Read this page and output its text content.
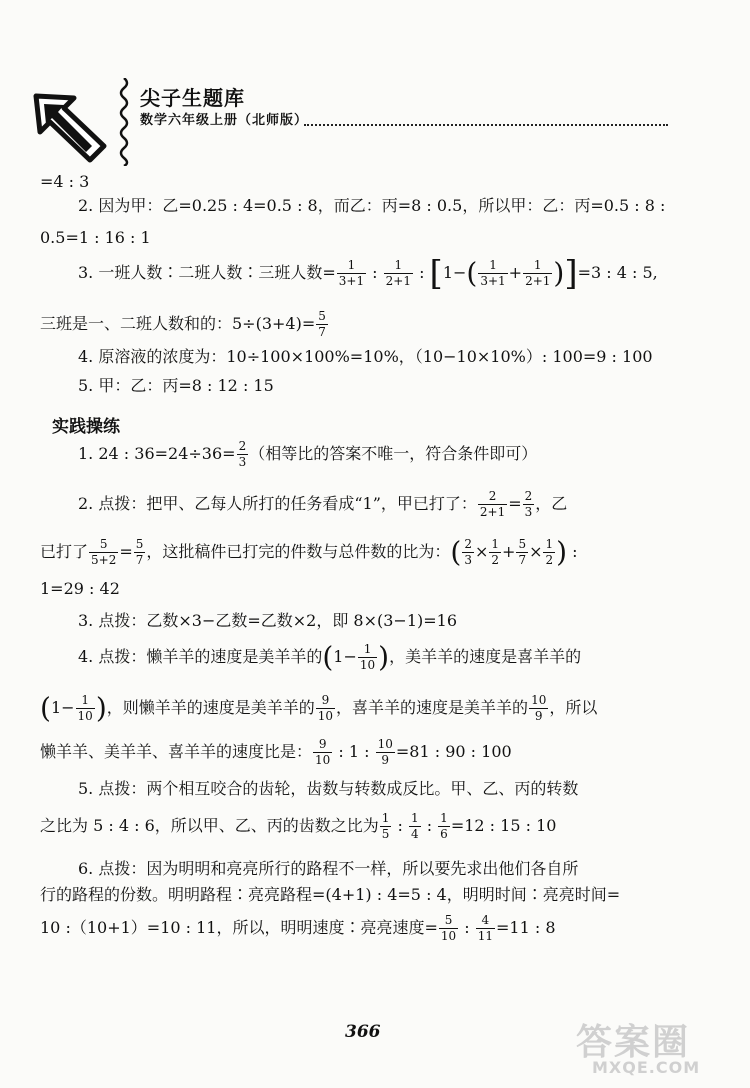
尖子生题库
数学六年级上册（北师版）
=4 : 3
2. 因为甲：乙=0.25 : 4=0.5 : 8，而乙：丙=8 : 0.5，所以甲：乙：丙=0.5 : 8 :
0.5=1 : 16 : 1
3. 一班人数∶二班人数∶三班人数= $\frac{1}{3+1}$ : $\frac{1}{2+1}$ : $[1-( \frac{1}{3+1} + \frac{1}{2+1} )]=3$ : 4 : 5,
三班是一、二班人数和的：$5\div(3+4)= \frac{5}{7}$
4. 原溶液的浓度为：10÷100×100%=10%，（10−10×10%）: 100=9 : 100
5. 甲：乙：丙=8 : 12 : 15
实践操练
1. 24 : $36=24\div 36= \frac{2}{3}$ （相等比的答案不唯一，符合条件即可）
2. 点拨：把甲、乙每人所打的任务看成“1”，甲已打了： $\frac{2}{2+1} = \frac{2}{3}$ ，乙
已打了 $\frac{5}{5+2} = \frac{5}{7}$ ，这批稿件已打完的件数与总件数的比为：( $\frac{2}{3} \times \frac{1}{2} + \frac{5}{7} \times \frac{1}{2}$ ) :
1=29 : 42
3. 点拨：乙数×3−乙数=乙数×2，即 8×(3−1)=16
4. 点拨：懒羊羊的速度是美羊羊的($1- \frac{1}{10}$ )，美羊羊的速度是喜羊羊的
($1- \frac{1}{10}$ )，则懒羊羊的速度是美羊羊的 $\frac{9}{10}$ ，喜羊羊的速度是美羊羊的 $\frac{10}{9}$ ，所以
懒羊羊、美羊羊、喜羊羊的速度比是： $\frac{9}{10}$ : 1 : $\frac{10}{9} =81$ : 90 : 100
5. 点拨：两个相互咬合的齿轮，齿数与转数成反比。甲、乙、丙的转数
之比为 5 : 4 : 6，所以甲、乙、丙的齿数之比为 $\frac{1}{5}$ : $\frac{1}{4}$ : $\frac{1}{6} =12$ : 15 : 10
6. 点拨：因为明明和亮亮所行的路程不一样，所以要先求出他们各自所
行的路程的份数。明明路程∶亮亮路程=(4+1) : 4=5 : 4，明明时间∶亮亮时间=
10 :（10+1）=10 : 11，所以，明明速度∶亮亮速度= $\frac{5}{10}$ : $\frac{4}{11} =11$ : 8
366	答案圈
MXQE.COM
